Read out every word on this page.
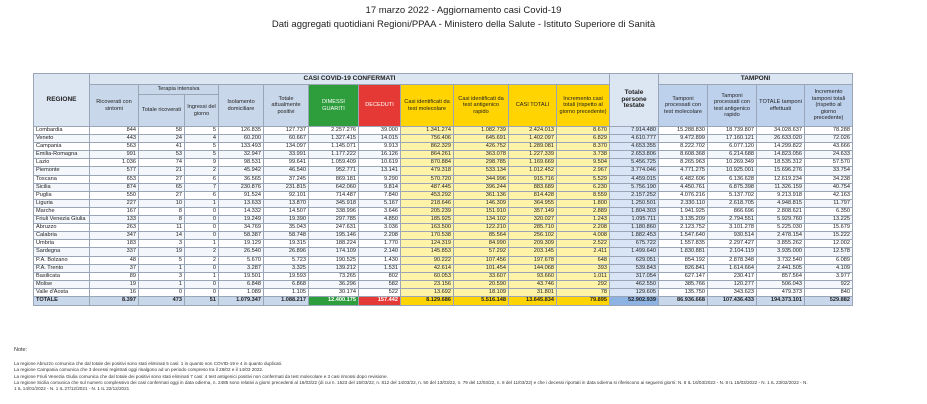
17 marzo 2022 - Aggiornamento casi Covid-19
Dati aggregati quotidiani Regioni/PPAA - Ministero della Salute - Istituto Superiore di Sanità
REGIONE	CASI COVID-19 CONFERMATI											Totale persone testate	TAMPONI			
	Ricoverati con sintomi	Terapia intensiva		Isolamento domiciliare	Totale attualmente positivi	DIMESSI GUARITI	DECEDUTI	Casi identificati da test molecolare	Casi identificati da test antigenico rapido	CASI TOTALI	Incremento casi totali (rispetto al giorno precedente)		Tamponi processati con test molecolare	Tamponi processati con test antigenico rapido	TOTALE tamponi effettuati	Incremento tamponi totali (rispetto al giorno precedente)
		Totale ricoverati	Ingressi del giorno													
Lombardia	844	58	5	126.835	127.737	2.257.276	39.000	1.341.274	1.082.739	2.424.013	8.670	7.914.480	15.288.830	18.739.807	34.028.637	78.288
Veneto	443	24	4	60.200	60.667	1.327.415	14.015	756.406	645.691	1.402.097	6.829	4.610.777	9.472.899	17.160.121	26.633.020	72.026
Campania	563	41	5	133.493	134.097	1.145.071	9.913	862.329	426.752	1.289.081	8.370	4.653.355	8.222.702	6.077.120	14.299.822	43.666
Emilia-Romagna	991	53	5	32.947	33.991	1.177.222	16.126	864.261	363.078	1.227.339	3.738	2.653.806	8.608.368	6.214.688	14.823.056	24.633
Lazio	1.036	74	9	98.531	99.641	1.059.409	10.619	870.884	298.785	1.169.669	9.504	5.456.725	8.265.963	10.269.349	18.535.312	57.570
Piemonte	577	21	2	45.942	46.540	952.771	13.141	479.318	533.134	1.012.452	2.967	3.774.046	4.771.275	10.925.001	15.696.276	33.754
Toscana	653	27	6	36.565	37.245	869.181	9.290	570.720	344.996	915.716	5.529	4.459.015	6.482.606	6.136.628	12.619.234	34.238
Sicilia	874	65	7	230.876	231.815	642.060	9.814	487.445	396.244	883.689	6.230	5.756.190	4.450.761	6.875.398	11.326.159	40.754
Puglia	550	27	6	91.524	92.101	714.487	7.840	453.292	361.136	814.428	8.559	2.157.252	4.076.216	5.137.702	9.213.918	42.163
Liguria	227	10	1	13.633	13.870	345.918	5.167	218.646	146.309	364.955	1.800	1.250.501	2.330.110	2.618.705	4.948.815	11.797
Marche	167	8	0	14.332	14.507	338.996	3.646	205.239	151.910	357.149	2.889	1.804.303	1.941.925	866.696	2.808.621	6.350
Friuli Venezia Giulia	133	8	0	19.249	19.390	297.785	4.850	185.925	134.102	320.027	1.243	1.095.711	3.135.209	2.794.551	5.929.760	13.225
Abruzzo	263	11	0	34.769	35.043	247.631	3.036	163.500	122.210	285.710	2.208	1.180.860	2.123.752	3.101.278	5.225.030	15.679
Calabria	347	14	0	58.387	58.748	195.146	2.208	170.538	85.564	256.102	4.008	1.882.453	1.547.640	930.514	2.478.154	15.222
Umbria	183	3	1	19.129	19.315	188.224	1.770	124.319	84.990	209.309	2.522	675.722	1.557.835	2.297.427	3.855.262	12.002
Sardegna	337	19	2	26.540	26.896	174.109	2.140	145.853	57.292	203.145	2.411	1.499.640	1.830.881	2.104.119	3.935.000	12.578
P.A. Bolzano	48	5	2	5.670	5.723	190.525	1.430	90.222	107.456	197.678	648	629.051	854.192	2.878.348	3.732.540	6.089
P.A. Trento	37	1	0	3.287	3.325	139.212	1.531	42.614	101.454	144.068	393	539.843	826.841	1.614.664	2.441.505	4.109
Basilicata	89	3	1	19.501	19.593	73.265	802	60.053	33.607	93.660	1.011	317.054	627.147	230.417	857.564	3.977
Molise	19	1	0	6.848	6.868	36.296	582	23.156	20.590	43.746	292	462.550	385.766	120.277	506.043	922
Valle d'Aosta	16	0	0	1.089	1.105	30.174	522	13.692	18.109	31.801	78	129.605	135.750	343.623	479.373	840
TOTALE	8.397	473	51	1.079.347	1.088.217	12.400.175	157.442	8.129.686	5.516.148	13.645.834	79.895	52.902.939	86.936.668	107.436.433	194.373.101	529.882
Note:
La regione Abruzzo comunica che dal totale dei positivi sono stati eliminati 5 casi: 1 in quanto non COVID-19 e 4 in quanto duplicati.
La regione Campania comunica che 3 decessi registrati oggi risalgono ad un periodo compreso tra il 28/02 e il 14/03 2022.
La regione Friuli Venezia Giulia comunica che dal totale dei positivi sono stati eliminati 7 casi: 4 test antigenici positivi non confermati da test molecolare e 3 casi rimossi dopo revisione.
La regione Sicilia comunica che sul numero complessivo dei casi confermati oggi in data odierna, n. 2485 sono relativi a giorni precedenti al 16/03/22 (di cui n. 1523 del 15/03/22, n. 812 del 14/03/22, n. 50 del 13/03/22, n. 79 del 12/03/22, n. 8 del 11/03/22) e che i decessi riportati in data odierna si riferiscono ai seguenti giorni: N. 6 IL 16/03/2022 - N. 8 IL 15/03/2022 - N. 1 IL 23/02/2022 - N.
1 IL 14/01/2022 - N. 1 IL 27/12/2021 - N. 1 IL 22/12/2021
